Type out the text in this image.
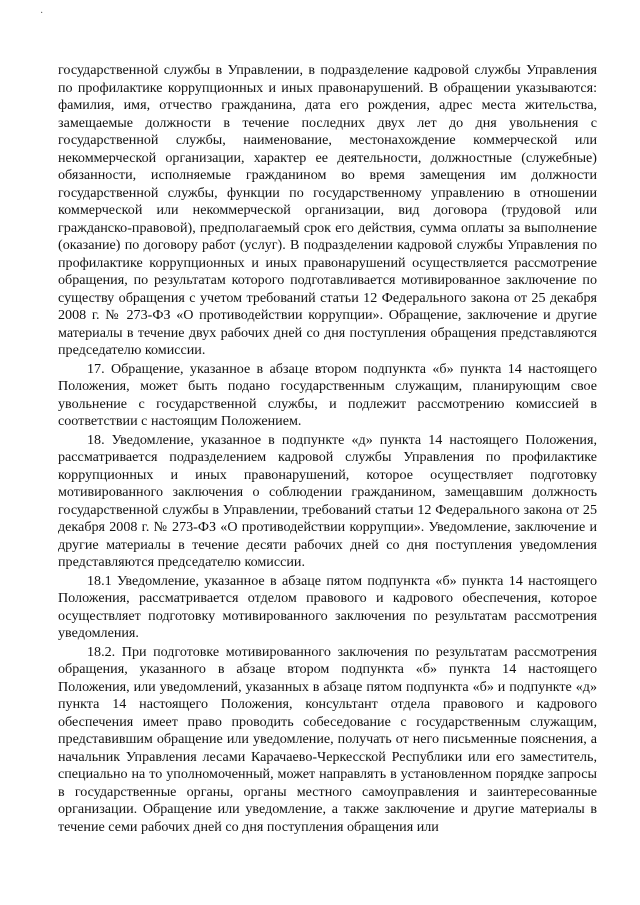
·

государственной службы в Управлении, в подразделение кадровой службы Управления по профилактике коррупционных и иных правонарушений. В обращении указываются: фамилия, имя, отчество гражданина, дата его рождения, адрес места жительства, замещаемые должности в течение последних двух лет до дня увольнения с государственной службы, наименование, местонахождение коммерческой или некоммерческой организации, характер ее деятельности, должностные (служебные) обязанности, исполняемые гражданином во время замещения им должности государственной службы, функции по государственному управлению в отношении коммерческой или некоммерческой организации, вид договора (трудовой или гражданско-правовой), предполагаемый срок его действия, сумма оплаты за выполнение (оказание) по договору работ (услуг). В подразделении кадровой службы Управления по профилактике коррупционных и иных правонарушений осуществляется рассмотрение обращения, по результатам которого подготавливается мотивированное заключение по существу обращения с учетом требований статьи 12 Федерального закона от 25 декабря 2008 г. № 273-ФЗ «О противодействии коррупции». Обращение, заключение и другие материалы в течение двух рабочих дней со дня поступления обращения представляются председателю комиссии.

17. Обращение, указанное в абзаце втором подпункта «б» пункта 14 настоящего Положения, может быть подано государственным служащим, планирующим свое увольнение с государственной службы, и подлежит рассмотрению комиссией в соответствии с настоящим Положением.

18. Уведомление, указанное в подпункте «д» пункта 14 настоящего Положения, рассматривается подразделением кадровой службы Управления по профилактике коррупционных и иных правонарушений, которое осуществляет подготовку мотивированного заключения о соблюдении гражданином, замещавшим должность государственной службы в Управлении, требований статьи 12 Федерального закона от 25 декабря 2008 г. № 273-ФЗ «О противодействии коррупции». Уведомление, заключение и другие материалы в течение десяти рабочих дней со дня поступления уведомления представляются председателю комиссии.

18.1 Уведомление, указанное в абзаце пятом подпункта «б» пункта 14 настоящего Положения, рассматривается отделом правового и кадрового обеспечения, которое осуществляет подготовку мотивированного заключения по результатам рассмотрения уведомления.

18.2. При подготовке мотивированного заключения по результатам рассмотрения обращения, указанного в абзаце втором подпункта «б» пункта 14 настоящего Положения, или уведомлений, указанных в абзаце пятом подпункта «б» и подпункте «д» пункта 14 настоящего Положения, консультант отдела правового и кадрового обеспечения имеет право проводить собеседование с государственным служащим, представившим обращение или уведомление, получать от него письменные пояснения, а начальник Управления лесами Карачаево-Черкесской Республики или его заместитель, специально на то уполномоченный, может направлять в установленном порядке запросы в государственные органы, органы местного самоуправления и заинтересованные организации. Обращение или уведомление, а также заключение и другие материалы в течение семи рабочих дней со дня поступления обращения или
